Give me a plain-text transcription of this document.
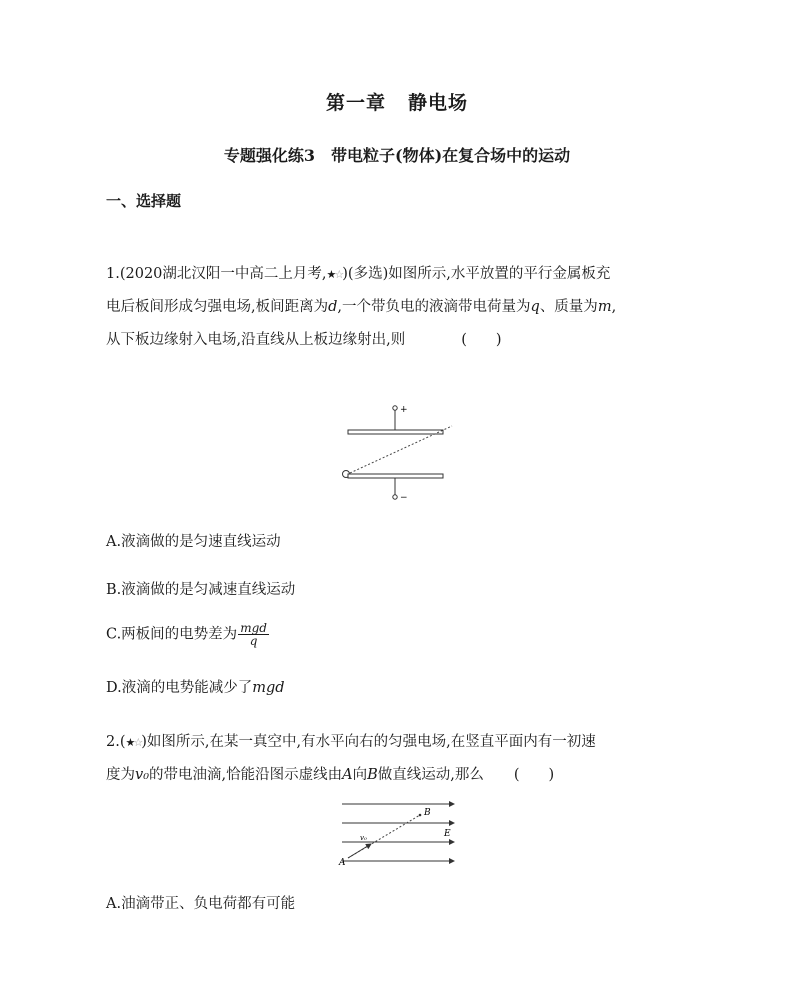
第一章 静电场
专题强化练3　带电粒子(物体)在复合场中的运动
一、选择题
1.(2020湖北汉阳一中高二上月考,★☆)(多选)如图所示,水平放置的平行金属板充
电后板间形成匀强电场,板间距离为d,一个带负电的液滴带电荷量为q、质量为m,
从下板边缘射入电场,沿直线从上板边缘射出,则	(　　)
+
−
A.液滴做的是匀速直线运动
B.液滴做的是匀减速直线运动
C.两板间的电势差为 $\frac{\text{mgd}}{q}$
D.液滴的电势能减少了mgd
2.(★☆)如图所示,在某一真空中,有水平向右的匀强电场,在竖直平面内有一初速
度为v₀的带电油滴,恰能沿图示虚线由A向B做直线运动,那么 (　　)
A
B
E
v₀
A.油滴带正、负电荷都有可能
